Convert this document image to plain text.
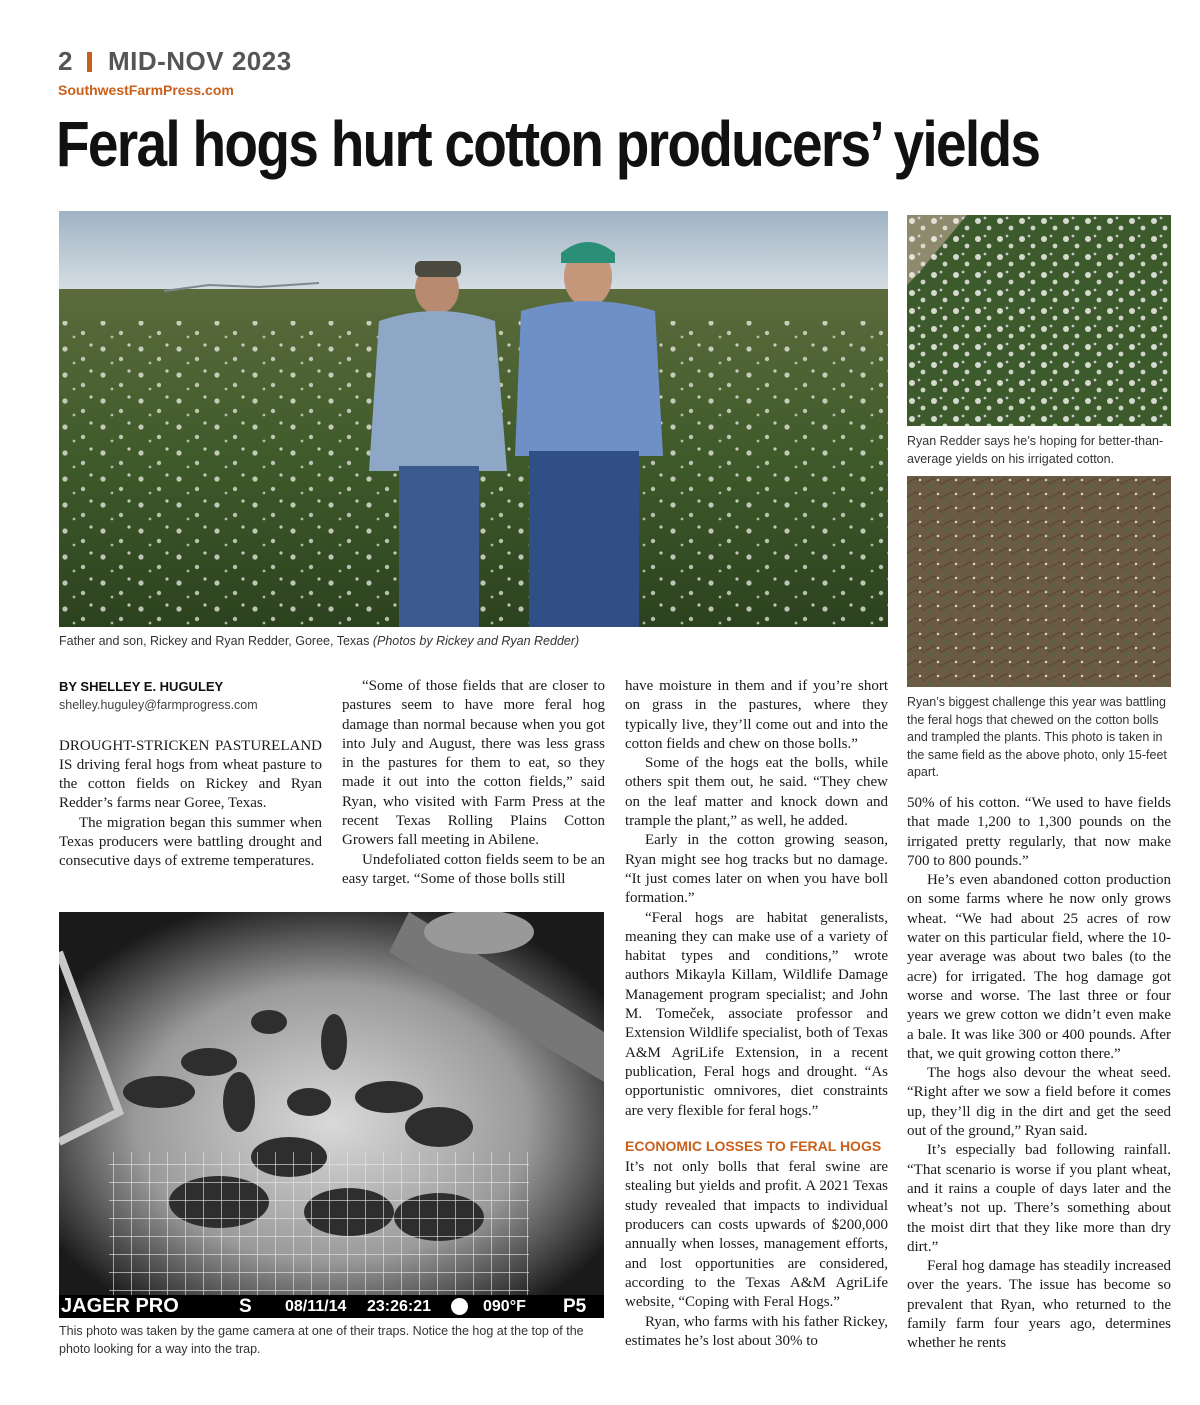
2 MID-NOV 2023
SouthwestFarmPress.com
Feral hogs hurt cotton producers’ yields
Father and son, Rickey and Ryan Redder, Goree, Texas (Photos by Rickey and Ryan Redder)
Ryan Redder says he’s hoping for better-than-average yields on his irrigated cotton.
Ryan’s biggest challenge this year was battling the feral hogs that chewed on the cotton bolls and trampled the plants. This photo is taken in the same field as the above photo, only 15-feet apart.
JAGER PRO	S 08/11/14 23:26:21	090°F P5
This photo was taken by the game camera at one of their traps. Notice the hog at the top of the photo looking for a way into the trap.
BY SHELLEY E. HUGULEY
shelley.huguley@farmprogress.com

DROUGHT-STRICKEN PASTURELAND IS driving feral hogs from wheat pasture to the cotton fields on Rickey and Ryan Redder’s farms near Goree, Texas.

The migration began this summer when Texas producers were battling drought and consecutive days of extreme temperatures.

“Some of those fields that are closer to pastures seem to have more feral hog damage than normal because when you got into July and August, there was less grass in the pastures for them to eat, so they made it out into the cotton fields,” said Ryan, who visited with Farm Press at the recent Texas Rolling Plains Cotton Growers fall meeting in Abilene.

Undefoliated cotton fields seem to be an easy target. “Some of those bolls still

have moisture in them and if you’re short on grass in the pastures, where they typically live, they’ll come out and into the cotton fields and chew on those bolls.”

Some of the hogs eat the bolls, while others spit them out, he said. “They chew on the leaf matter and knock down and trample the plant,” as well, he added.

Early in the cotton growing season, Ryan might see hog tracks but no damage. “It just comes later on when you have boll formation.”

“Feral hogs are habitat generalists, meaning they can make use of a variety of habitat types and conditions,” wrote authors Mikayla Killam, Wildlife Damage Management program specialist; and John M. Tomeček, associate professor and Extension Wildlife specialist, both of Texas A&M AgriLife Extension, in a recent publication, Feral hogs and drought. “As opportunistic omnivores, diet constraints are very flexible for feral hogs.”

ECONOMIC LOSSES TO FERAL HOGS

It’s not only bolls that feral swine are stealing but yields and profit. A 2021 Texas study revealed that impacts to individual producers can costs upwards of $200,000 annually when losses, management efforts, and lost opportunities are considered, according to the Texas A&M AgriLife website, “Coping with Feral Hogs.”

Ryan, who farms with his father Rickey, estimates he’s lost about 30% to

50% of his cotton. “We used to have fields that made 1,200 to 1,300 pounds on the irrigated pretty regularly, that now make 700 to 800 pounds.”

He’s even abandoned cotton production on some farms where he now only grows wheat. “We had about 25 acres of row water on this particular field, where the 10-year average was about two bales (to the acre) for irrigated. The hog damage got worse and worse. The last three or four years we grew cotton we didn’t even make a bale. It was like 300 or 400 pounds. After that, we quit growing cotton there.”

The hogs also devour the wheat seed. “Right after we sow a field before it comes up, they’ll dig in the dirt and get the seed out of the ground,” Ryan said.

It’s especially bad following rainfall. “That scenario is worse if you plant wheat, and it rains a couple of days later and the wheat’s not up. There’s something about the moist dirt that they like more than dry dirt.”

Feral hog damage has steadily increased over the years. The issue has become so prevalent that Ryan, who returned to the family farm four years ago, determines whether he rents
